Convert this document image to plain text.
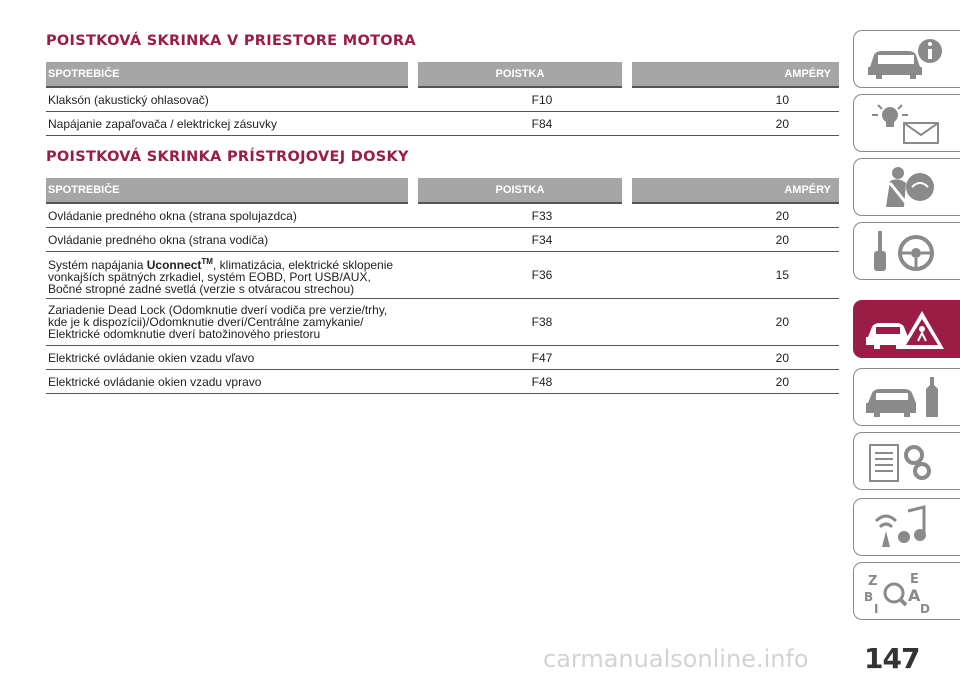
POISTKOVÁ SKRINKA V PRIESTORE MOTORA
SPOTREBIČE	POISTKA	AMPÉRY
Klaksón (akustický ohlasovač)	F10	10
Napájanie zapaľovača / elektrickej zásuvky	F84	20
POISTKOVÁ SKRINKA PRÍSTROJOVEJ DOSKY
SPOTREBIČE	POISTKA	AMPÉRY
Ovládanie predného okna (strana spolujazdca)	F33	20
Ovládanie predného okna (strana vodiča)	F34	20
Systém napájania Uconnect™, klimatizácia, elektrické sklopenie
vonkajších spätných zrkadiel, systém EOBD, Port USB/AUX,
Bočné stropné zadné svetlá (verzie s otváracou strechou)	F36	15
Zariadenie Dead Lock (Odomknutie dverí vodiča pre verzie/trhy,
kde je k dispozícii)/Odomknutie dverí/Centrálne zamykanie/
Elektrické odomknutie dverí batožinového priestoru	F38	20
Elektrické ovládanie okien vzadu vľavo	F47	20
Elektrické ovládanie okien vzadu vpravo	F48	20
Z	E
B A
I	D
carmanualsonline.info 147
